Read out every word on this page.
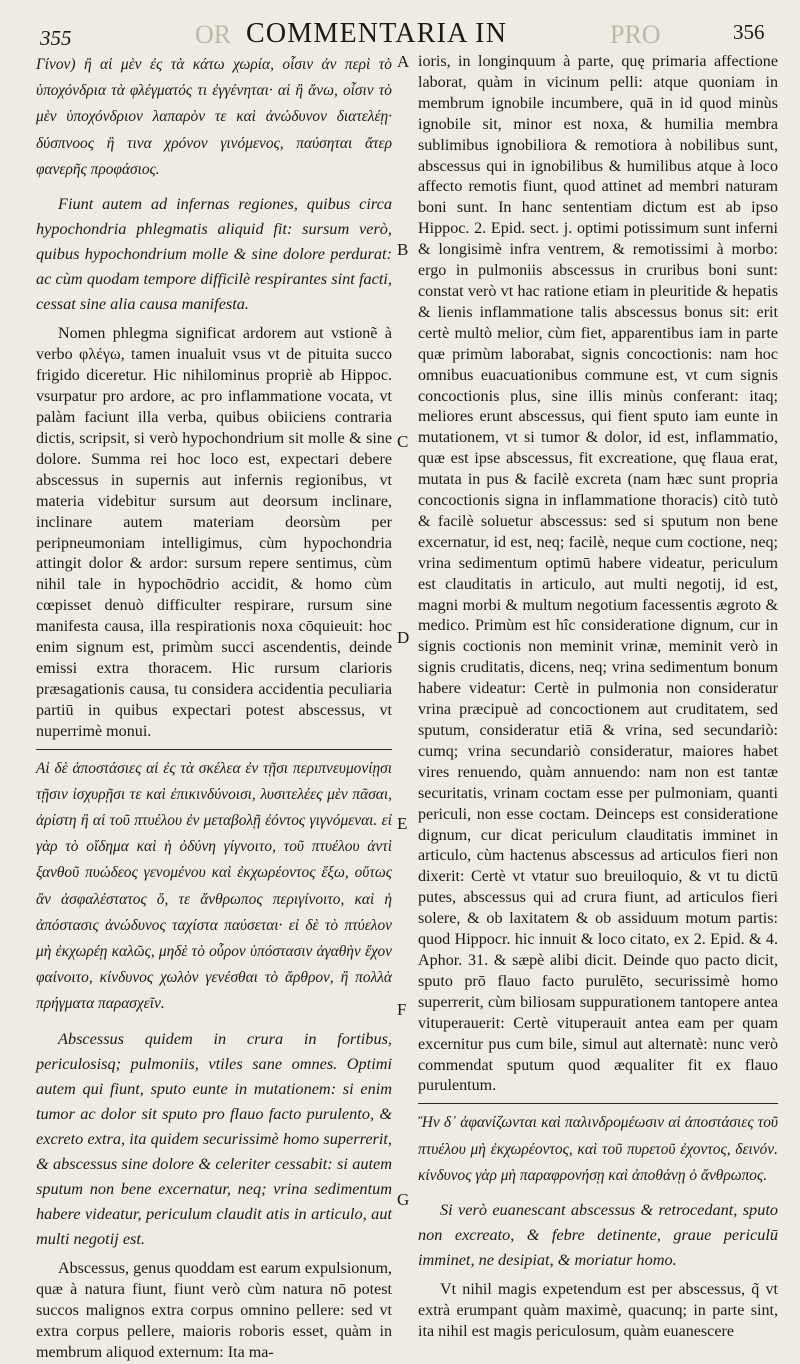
OR	PRO
355	COMMENTARIA IN	356

Γίνον) ἢ αἱ μὲν ἐς τὰ κάτω χωρία, οἷσιν ἀν περὶ τὸ ὑποχόνδρια τὰ φλέγματός τι ἐγγένηται· αἱ ἢ ἄνω, οἷσιν τὸ μὲν ὑποχόνδριον λαπαρὸν τε καὶ ἀνώδυνον διατελέῃ· δύσπνοος ἢ τινα χρόνον γινόμενος, παύσηται ἄτερ φανερῆς προφάσιος.

Fiunt autem ad infernas regiones, quibus circa hypochondria phlegmatis aliquid fit: sursum verò, quibus hypochondrium molle & sine dolore perdurat: ac cùm quodam tempore difficilè respirantes sint facti, cessat sine alia causa manifesta.

Nomen phlegma significat ardorem aut vstionẽ à verbo φλέγω, tamen inualuit vsus vt de pituita succo frigido diceretur. Hic nihilominus propriè ab Hippoc. vsurpatur pro ardore, ac pro inflammatione vocata, vt palàm faciunt illa verba, quibus obiiciens contraria dictis, scripsit, si verò hypochondrium sit molle & sine dolore. Summa rei hoc loco est, expectari debere abscessus in supernis aut infernis regionibus, vt materia videbitur sursum aut deorsum inclinare, inclinare autem materiam deorsùm per peripneumoniam intelligimus, cùm hypochondria attingit dolor & ardor: sursum repere sentimus, cùm nihil tale in hypochōdrio accidit, & homo cùm cœpisset denuò difficulter respirare, rursum sine manifesta causa, illa respirationis noxa cōquieuit: hoc enim signum est, primùm succi ascendentis, deinde emissi extra thoracem. Hic rursum clarioris præsagationis causa, tu considera accidentia peculiaria partiū in quibus expectari potest abscessus, vt nuperrimè monui.

Αἱ δὲ ἀποστάσιες αἱ ἐς τὰ σκέλεα ἐν τῇσι περιπνευμονίῃσι τῇσιν ἰσχυρῇσι τε καὶ ἐπικινδύνοισι, λυσιτελέες μὲν πᾶσαι, ἀρίστη ἢ αἱ τοῦ πτυέλου ἐν μεταβολῇ ἐόντος γιγνόμεναι. εἰ γὰρ τὸ οἴδημα καὶ ἡ ὀδύνη γίγνοιτο, τοῦ πτυέλου ἀντὶ ξανθοῦ πυώδεος γενομένου καὶ ἐκχωρέοντος ἔξω, οὕτως ἂν ἀσφαλέστατος ὅ, τε ἄνθρωπος περιγίνοιτο, καὶ ἡ ἀπόστασις ἀνώδυνος ταχίστα παύσεται· εἰ δὲ τὸ πτύελον μὴ ἐκχωρέῃ καλῶς, μηδὲ τὸ οὖρον ὑπόστασιν ἀγαθὴν ἔχον φαίνοιτο, κίνδυνος χωλὸν γενέσθαι τὸ ἄρθρον, ἢ πολλὰ πρήγματα παρασχεῖν.

Abscessus quidem in crura in fortibus, periculosisq; pulmoniis, vtiles sane omnes. Optimi autem qui fiunt, sputo eunte in mutationem: si enim tumor ac dolor sit sputo pro flauo facto purulento, & excreto extra, ita quidem securissimè homo superrerit, & abscessus sine dolore & celeriter cessabit: si autem sputum non bene excernatur, neq; vrina sedimentum habere videatur, periculum claudit atis in articulo, aut multi negotij est.

Abscessus, genus quoddam est earum expulsionum, quæ à natura fiunt, fiunt verò cùm natura nō potest succos malignos extra corpus omnino pellere: sed vt extra corpus pellere, maioris roboris esset, quàm in membrum aliquod externum: Ita ma-

A
B
C
D
E
F
G

ioris, in longinquum à parte, quę primaria affectione laborat, quàm in vicinum pelli: atque quoniam in membrum ignobile incumbere, quā in id quod minùs ignobile sit, minor est noxa, & humilia membra sublimibus ignobiliora & remotiora à nobilibus sunt, abscessus qui in ignobilibus & humilibus atque à loco affecto remotis fiunt, quod attinet ad membri naturam boni sunt. In hanc sententiam dictum est ab ipso Hippoc. 2. Epid. sect. j. optimi potissimum sunt inferni & longisimè infra ventrem, & remotissimi à morbo: ergo in pulmoniis abscessus in cruribus boni sunt: constat verò vt hac ratione etiam in pleuritide & hepatis & lienis inflammatione talis abscessus bonus sit: erit certè multò melior, cùm fiet, apparentibus iam in parte quæ primùm laborabat, signis concoctionis: nam hoc omnibus euacuationibus commune est, vt cum signis concoctionis plus, sine illis minùs conferant: itaq; meliores erunt abscessus, qui fient sputo iam eunte in mutationem, vt si tumor & dolor, id est, inflammatio, quæ est ipse abscessus, fit excreatione, quę flaua erat, mutata in pus & facilè excreta (nam hæc sunt propria concoctionis signa in inflammatione thoracis) citò tutò & facilè soluetur abscessus: sed si sputum non bene excernatur, id est, neq; facilè, neque cum coctione, neq; vrina sedimentum optimū habere videatur, periculum est clauditatis in articulo, aut multi negotij, id est, magni morbi & multum negotium facessentis ægroto & medico. Primùm est hîc consideratione dignum, cur in signis coctionis non meminit vrinæ, meminit verò in signis cruditatis, dicens, neq; vrina sedimentum bonum habere videatur: Certè in pulmonia non consideratur vrina præcipuè ad concoctionem aut cruditatem, sed sputum, consideratur etiā & vrina, sed secundariò: cumq; vrina secundariò consideratur, maiores habet vires renuendo, quàm annuendo: nam non est tantæ securitatis, vrinam coctam esse per pulmoniam, quanti periculi, non esse coctam. Deinceps est consideratione dignum, cur dicat periculum clauditatis imminet in articulo, cùm hactenus abscessus ad articulos fieri non dixerit: Certè vt vtatur suo breuiloquio, & vt tu dictū putes, abscessus qui ad crura fiunt, ad articulos fieri solere, & ob laxitatem & ob assiduum motum partis: quod Hippocr. hic innuit & loco citato, ex 2. Epid. & 4. Aphor. 31. & sæpè alibi dicit. Deinde quo pacto dicit, sputo prō flauo facto purulēto, securissimè homo superrerit, cùm biliosam suppurationem tantopere antea vituperauerit: Certè vituperauit antea eam per quam excernitur pus cum bile, simul aut alternatè: nunc verò commendat sputum quod æqualiter fit ex flauo purulentum.

Ἢν δ᾽ ἀφανίζωνται καὶ παλινδρομέωσιν αἱ ἀποστάσιες τοῦ πτυέλου μὴ ἐκχωρέοντος, καὶ τοῦ πυρετοῦ ἐχοντος, δεινόν. κίνδυνος γὰρ μὴ παραφρονήσῃ καὶ ἀποθάνῃ ὁ ἄνθρωπος.

Si verò euanescant abscessus & retrocedant, sputo non excreato, & febre detinente, graue periculū imminet, ne desipiat, & moriatur homo.

Vt nihil magis expetendum est per abscessus, q̃ vt extrà erumpant quàm maximè, quacunq; in parte sint, ita nihil est magis periculosum, quàm euanescere
